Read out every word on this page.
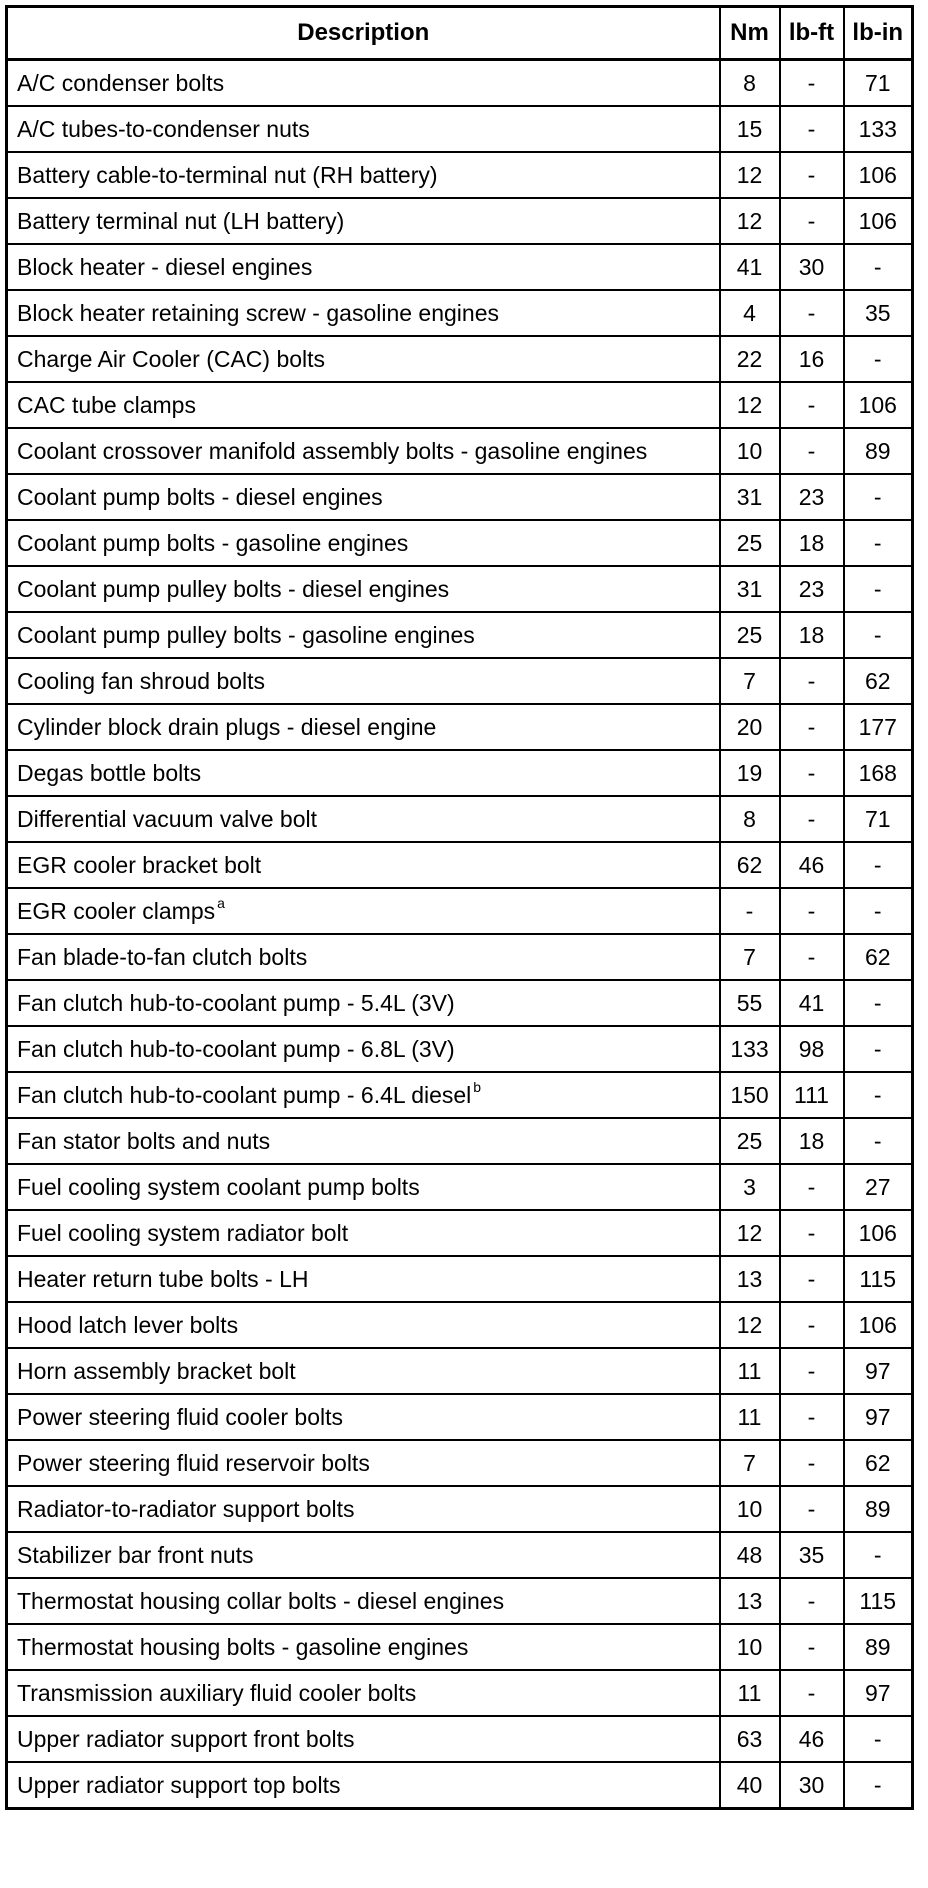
Description	Nm	lb-ft	lb-in
A/C condenser bolts	8	-	71
A/C tubes-to-condenser nuts	15	-	133
Battery cable-to-terminal nut (RH battery)	12	-	106
Battery terminal nut (LH battery)	12	-	106
Block heater - diesel engines	41	30	-
Block heater retaining screw - gasoline engines	4	-	35
Charge Air Cooler (CAC) bolts	22	16	-
CAC tube clamps	12	-	106
Coolant crossover manifold assembly bolts - gasoline engines	10	-	89
Coolant pump bolts - diesel engines	31	23	-
Coolant pump bolts - gasoline engines	25	18	-
Coolant pump pulley bolts - diesel engines	31	23	-
Coolant pump pulley bolts - gasoline engines	25	18	-
Cooling fan shroud bolts	7	-	62
Cylinder block drain plugs - diesel engine	20	-	177
Degas bottle bolts	19	-	168
Differential vacuum valve bolt	8	-	71
EGR cooler bracket bolt	62	46	-
EGR cooler clamps $^a$	-	-	-
Fan blade-to-fan clutch bolts	7	-	62
Fan clutch hub-to-coolant pump - 5.4L (3V)	55	41	-
Fan clutch hub-to-coolant pump - 6.8L (3V)	133	98	-
Fan clutch hub-to-coolant pump - 6.4L diesel $^b$	150	111	-
Fan stator bolts and nuts	25	18	-
Fuel cooling system coolant pump bolts	3	-	27
Fuel cooling system radiator bolt	12	-	106
Heater return tube bolts - LH	13	-	115
Hood latch lever bolts	12	-	106
Horn assembly bracket bolt	11	-	97
Power steering fluid cooler bolts	11	-	97
Power steering fluid reservoir bolts	7	-	62
Radiator-to-radiator support bolts	10	-	89
Stabilizer bar front nuts	48	35	-
Thermostat housing collar bolts - diesel engines	13	-	115
Thermostat housing bolts - gasoline engines	10	-	89
Transmission auxiliary fluid cooler bolts	11	-	97
Upper radiator support front bolts	63	46	-
Upper radiator support top bolts	40	30	-
